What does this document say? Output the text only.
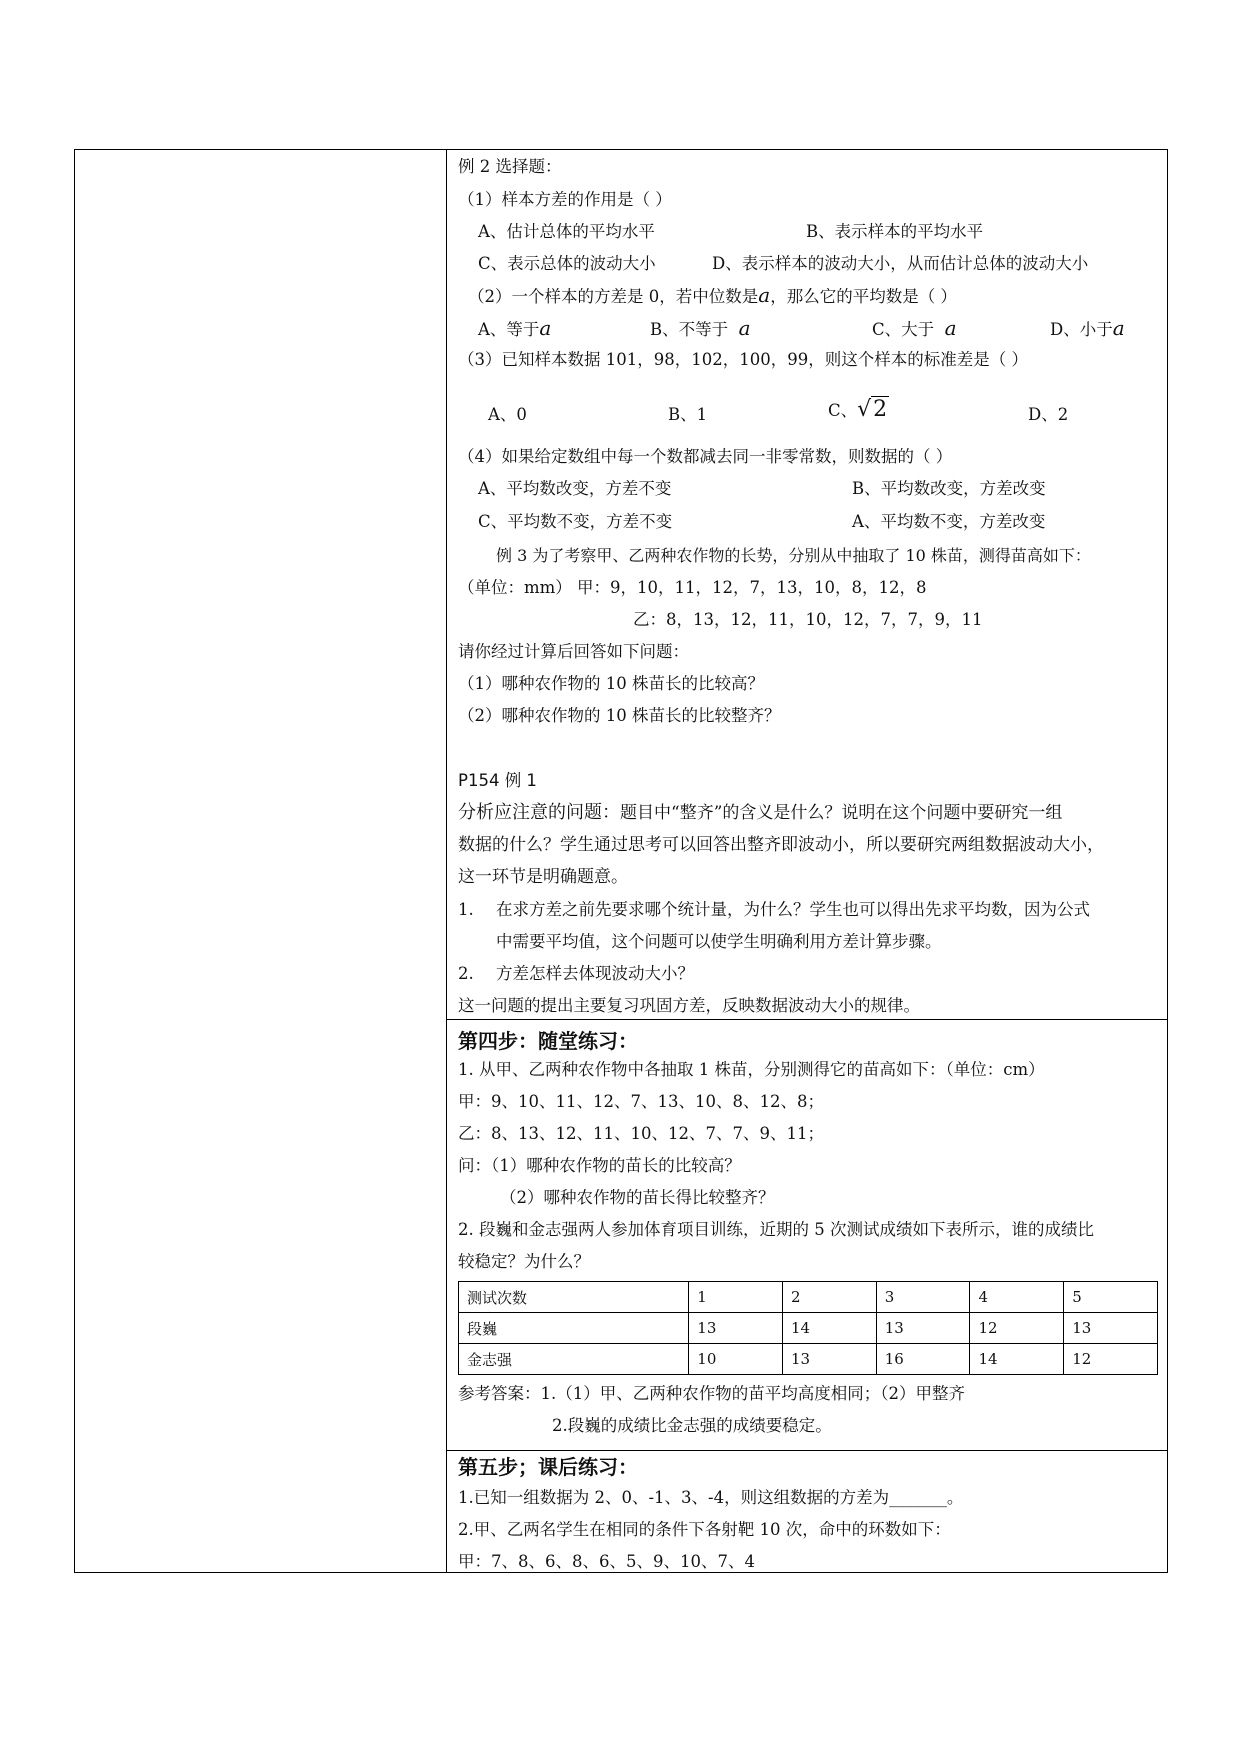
例 2 选择题：
（1）样本方差的作用是（ ）
A、估计总体的平均水平	B、表示样本的平均水平
C、表示总体的波动大小	D、表示样本的波动大小，从而估计总体的波动大小
（2）一个样本的方差是 0，若中位数是a，那么它的平均数是（ ）
A、等于a	B、不等于 a	C、大于 a	D、小于a
（3）已知样本数据 101，98，102，100，99，则这个样本的标准差是（ ）
A、0	B、1	C、√2	D、2
（4）如果给定数组中每一个数都减去同一非零常数，则数据的（ ）
A、平均数改变，方差不变	B、平均数改变，方差改变
C、平均数不变，方差不变	A、平均数不变，方差改变
例 3 为了考察甲、乙两种农作物的长势，分别从中抽取了 10 株苗，测得苗高如下：
（单位：mm） 甲：9，10，11，12，7，13，10，8，12，8
乙：8，13，12，11，10，12，7，7，9，11
请你经过计算后回答如下问题：
（1）哪种农作物的 10 株苗长的比较高？
（2）哪种农作物的 10 株苗长的比较整齐？
P154 例 1
分析应注意的问题：题目中“整齐”的含义是什么？说明在这个问题中要研究一组
数据的什么？学生通过思考可以回答出整齐即波动小，所以要研究两组数据波动大小，
这一环节是明确题意。
1. 在求方差之前先要求哪个统计量，为什么？学生也可以得出先求平均数，因为公式
中需要平均值，这个问题可以使学生明确利用方差计算步骤。
2. 方差怎样去体现波动大小？
这一问题的提出主要复习巩固方差，反映数据波动大小的规律。
第四步：随堂练习：
1. 从甲、乙两种农作物中各抽取 1 株苗，分别测得它的苗高如下：（单位：cm）
甲：9、10、11、12、7、13、10、8、12、8；
乙：8、13、12、11、10、12、7、7、9、11；
问：（1）哪种农作物的苗长的比较高？
（2）哪种农作物的苗长得比较整齐？
2. 段巍和金志强两人参加体育项目训练，近期的 5 次测试成绩如下表所示，谁的成绩比
较稳定？为什么？
测试次数	1	2	3	4	5
段巍	13	14	13	12	13
金志强	10	13	16	14	12
参考答案：1.（1）甲、乙两种农作物的苗平均高度相同；（2）甲整齐
2.段巍的成绩比金志强的成绩要稳定。
第五步；课后练习：
1.已知一组数据为 2、0、-1、3、-4，则这组数据的方差为_______。
2.甲、乙两名学生在相同的条件下各射靶 10 次，命中的环数如下：
甲：7、8、6、8、6、5、9、10、7、4
